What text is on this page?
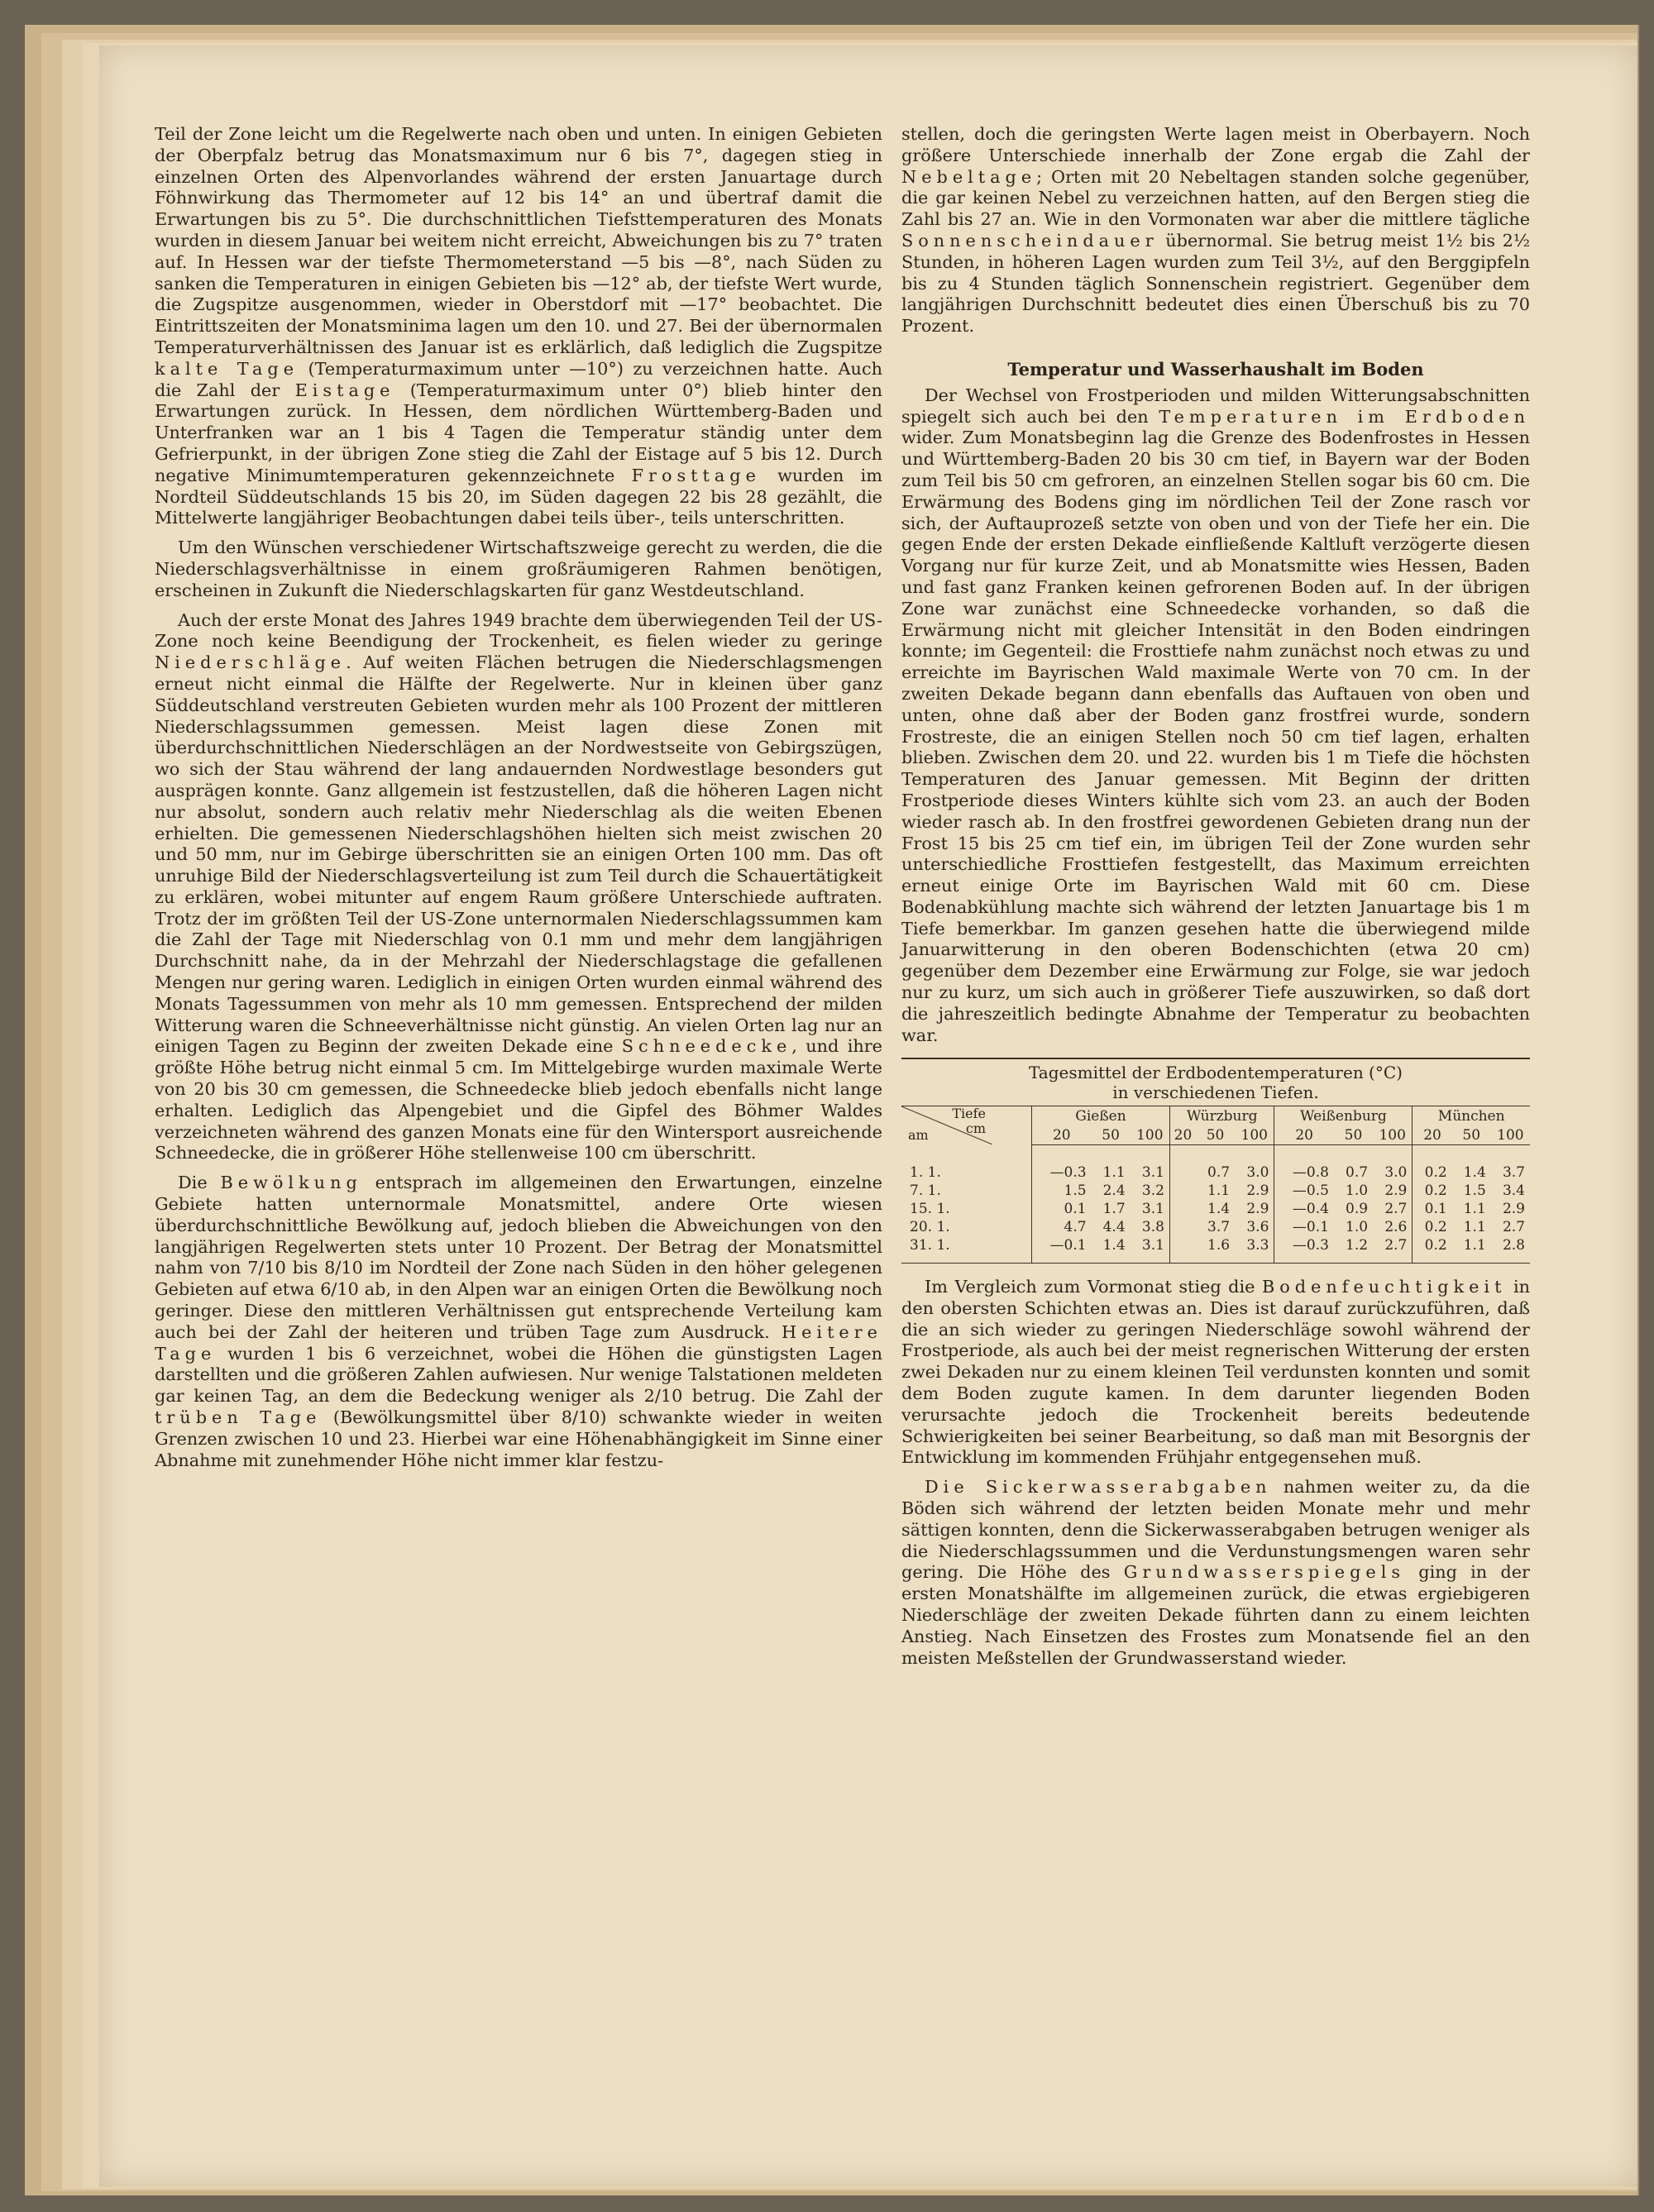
Teil der Zone leicht um die Regelwerte nach oben und unten. In einigen Gebieten der Oberpfalz betrug das Monatsmaximum nur 6 bis 7°, dagegen stieg in einzelnen Orten des Alpenvorlandes während der ersten Januartage durch Föhnwirkung das Thermometer auf 12 bis 14° an und übertraf damit die Erwartungen bis zu 5°. Die durchschnittlichen Tiefsttemperaturen des Monats wurden in diesem Januar bei weitem nicht erreicht, Abweichungen bis zu 7° traten auf. In Hessen war der tiefste Thermometerstand —5 bis —8°, nach Süden zu sanken die Temperaturen in einigen Gebieten bis —12° ab, der tiefste Wert wurde, die Zugspitze ausgenommen, wieder in Oberstdorf mit —17° beobachtet. Die Eintrittszeiten der Monatsminima lagen um den 10. und 27. Bei der übernormalen Temperaturverhältnissen des Januar ist es erklärlich, daß lediglich die Zugspitze kalte Tage (Temperaturmaximum unter —10°) zu verzeichnen hatte. Auch die Zahl der Eistage (Temperaturmaximum unter 0°) blieb hinter den Erwartungen zurück. In Hessen, dem nördlichen Württemberg-Baden und Unterfranken war an 1 bis 4 Tagen die Temperatur ständig unter dem Gefrierpunkt, in der übrigen Zone stieg die Zahl der Eistage auf 5 bis 12. Durch negative Minimumtemperaturen gekennzeichnete Frosttage wurden im Nordteil Süddeutschlands 15 bis 20, im Süden dagegen 22 bis 28 gezählt, die Mittelwerte langjähriger Beobachtungen dabei teils über-, teils unterschritten.

Um den Wünschen verschiedener Wirtschaftszweige gerecht zu werden, die die Niederschlagsverhältnisse in einem großräumigeren Rahmen benötigen, erscheinen in Zukunft die Niederschlagskarten für ganz Westdeutschland.

Auch der erste Monat des Jahres 1949 brachte dem überwiegenden Teil der US-Zone noch keine Beendigung der Trockenheit, es fielen wieder zu geringe Niederschläge. Auf weiten Flächen betrugen die Niederschlagsmengen erneut nicht einmal die Hälfte der Regelwerte. Nur in kleinen über ganz Süddeutschland verstreuten Gebieten wurden mehr als 100 Prozent der mittleren Niederschlagssummen gemessen. Meist lagen diese Zonen mit überdurchschnittlichen Niederschlägen an der Nordwestseite von Gebirgszügen, wo sich der Stau während der lang andauernden Nordwestlage besonders gut ausprägen konnte. Ganz allgemein ist festzustellen, daß die höheren Lagen nicht nur absolut, sondern auch relativ mehr Niederschlag als die weiten Ebenen erhielten. Die gemessenen Niederschlagshöhen hielten sich meist zwischen 20 und 50 mm, nur im Gebirge überschritten sie an einigen Orten 100 mm. Das oft unruhige Bild der Niederschlagsverteilung ist zum Teil durch die Schauertätigkeit zu erklären, wobei mitunter auf engem Raum größere Unterschiede auftraten. Trotz der im größten Teil der US-Zone unternormalen Niederschlagssummen kam die Zahl der Tage mit Niederschlag von 0.1 mm und mehr dem langjährigen Durchschnitt nahe, da in der Mehrzahl der Niederschlagstage die gefallenen Mengen nur gering waren. Lediglich in einigen Orten wurden einmal während des Monats Tagessummen von mehr als 10 mm gemessen. Entsprechend der milden Witterung waren die Schneeverhältnisse nicht günstig. An vielen Orten lag nur an einigen Tagen zu Beginn der zweiten Dekade eine Schneedecke, und ihre größte Höhe betrug nicht einmal 5 cm. Im Mittelgebirge wurden maximale Werte von 20 bis 30 cm gemessen, die Schneedecke blieb jedoch ebenfalls nicht lange erhalten. Lediglich das Alpengebiet und die Gipfel des Böhmer Waldes verzeichneten während des ganzen Monats eine für den Wintersport ausreichende Schneedecke, die in größerer Höhe stellenweise 100 cm überschritt.

Die Bewölkung entsprach im allgemeinen den Erwartungen, einzelne Gebiete hatten unternormale Monatsmittel, andere Orte wiesen überdurchschnittliche Bewölkung auf, jedoch blieben die Abweichungen von den langjährigen Regelwerten stets unter 10 Prozent. Der Betrag der Monatsmittel nahm von 7/10 bis 8/10 im Nordteil der Zone nach Süden in den höher gelegenen Gebieten auf etwa 6/10 ab, in den Alpen war an einigen Orten die Bewölkung noch geringer. Diese den mittleren Verhältnissen gut entsprechende Verteilung kam auch bei der Zahl der heiteren und trüben Tage zum Ausdruck. Heitere Tage wurden 1 bis 6 verzeichnet, wobei die Höhen die günstigsten Lagen darstellten und die größeren Zahlen aufwiesen. Nur wenige Talstationen meldeten gar keinen Tag, an dem die Bedeckung weniger als 2/10 betrug. Die Zahl der trüben Tage (Bewölkungsmittel über 8/10) schwankte wieder in weiten Grenzen zwischen 10 und 23. Hierbei war eine Höhenabhängigkeit im Sinne einer Abnahme mit zunehmender Höhe nicht immer klar festzu-

stellen, doch die geringsten Werte lagen meist in Oberbayern. Noch größere Unterschiede innerhalb der Zone ergab die Zahl der Nebeltage; Orten mit 20 Nebeltagen standen solche gegenüber, die gar keinen Nebel zu verzeichnen hatten, auf den Bergen stieg die Zahl bis 27 an. Wie in den Vormonaten war aber die mittlere tägliche Sonnenscheindauer übernormal. Sie betrug meist 1½ bis 2½ Stunden, in höheren Lagen wurden zum Teil 3½, auf den Berggipfeln bis zu 4 Stunden täglich Sonnenschein registriert. Gegenüber dem langjährigen Durchschnitt bedeutet dies einen Überschuß bis zu 70 Prozent.

Temperatur und Wasserhaushalt im Boden

Der Wechsel von Frostperioden und milden Witterungsabschnitten spiegelt sich auch bei den Temperaturen im Erdboden wider. Zum Monatsbeginn lag die Grenze des Bodenfrostes in Hessen und Württemberg-Baden 20 bis 30 cm tief, in Bayern war der Boden zum Teil bis 50 cm gefroren, an einzelnen Stellen sogar bis 60 cm. Die Erwärmung des Bodens ging im nördlichen Teil der Zone rasch vor sich, der Auftauprozeß setzte von oben und von der Tiefe her ein. Die gegen Ende der ersten Dekade einfließende Kaltluft verzögerte diesen Vorgang nur für kurze Zeit, und ab Monatsmitte wies Hessen, Baden und fast ganz Franken keinen gefrorenen Boden auf. In der übrigen Zone war zunächst eine Schneedecke vorhanden, so daß die Erwärmung nicht mit gleicher Intensität in den Boden eindringen konnte; im Gegenteil: die Frosttiefe nahm zunächst noch etwas zu und erreichte im Bayrischen Wald maximale Werte von 70 cm. In der zweiten Dekade begann dann ebenfalls das Auftauen von oben und unten, ohne daß aber der Boden ganz frostfrei wurde, sondern Frostreste, die an einigen Stellen noch 50 cm tief lagen, erhalten blieben. Zwischen dem 20. und 22. wurden bis 1 m Tiefe die höchsten Temperaturen des Januar gemessen. Mit Beginn der dritten Frostperiode dieses Winters kühlte sich vom 23. an auch der Boden wieder rasch ab. In den frostfrei gewordenen Gebieten drang nun der Frost 15 bis 25 cm tief ein, im übrigen Teil der Zone wurden sehr unterschiedliche Frosttiefen festgestellt, das Maximum erreichten erneut einige Orte im Bayrischen Wald mit 60 cm. Diese Bodenabkühlung machte sich während der letzten Januartage bis 1 m Tiefe bemerkbar. Im ganzen gesehen hatte die überwiegend milde Januarwitterung in den oberen Bodenschichten (etwa 20 cm) gegenüber dem Dezember eine Erwärmung zur Folge, sie war jedoch nur zu kurz, um sich auch in größerer Tiefe auszuwirken, so daß dort die jahreszeitlich bedingte Abnahme der Temperatur zu beobachten war.

Tagesmittel der Erdbodentemperaturen (°C)
in verschiedenen Tiefen.
Tiefe
cm
am	Gießen			Würzburg			Weißenburg			München		
	20	50	100	20	50	100	20	50	100	20	50	100
1. 1.	—0.3	1.1	3.1		0.7	3.0	—0.8	0.7	3.0	0.2	1.4	3.7
7. 1.	1.5	2.4	3.2		1.1	2.9	—0.5	1.0	2.9	0.2	1.5	3.4
15. 1.	0.1	1.7	3.1		1.4	2.9	—0.4	0.9	2.7	0.1	1.1	2.9
20. 1.	4.7	4.4	3.8		3.7	3.6	—0.1	1.0	2.6	0.2	1.1	2.7
31. 1.	—0.1	1.4	3.1		1.6	3.3	—0.3	1.2	2.7	0.2	1.1	2.8

Im Vergleich zum Vormonat stieg die Bodenfeuchtigkeit in den obersten Schichten etwas an. Dies ist darauf zurückzuführen, daß die an sich wieder zu geringen Niederschläge sowohl während der Frostperiode, als auch bei der meist regnerischen Witterung der ersten zwei Dekaden nur zu einem kleinen Teil verdunsten konnten und somit dem Boden zugute kamen. In dem darunter liegenden Boden verursachte jedoch die Trockenheit bereits bedeutende Schwierigkeiten bei seiner Bearbeitung, so daß man mit Besorgnis der Entwicklung im kommenden Frühjahr entgegensehen muß.

Die Sickerwasserabgaben nahmen weiter zu, da die Böden sich während der letzten beiden Monate mehr und mehr sättigen konnten, denn die Sickerwasserabgaben betrugen weniger als die Niederschlagssummen und die Verdunstungsmengen waren sehr gering. Die Höhe des Grundwasserspiegels ging in der ersten Monatshälfte im allgemeinen zurück, die etwas ergiebigeren Niederschläge der zweiten Dekade führten dann zu einem leichten Anstieg. Nach Einsetzen des Frostes zum Monatsende fiel an den meisten Meßstellen der Grundwasserstand wieder.
